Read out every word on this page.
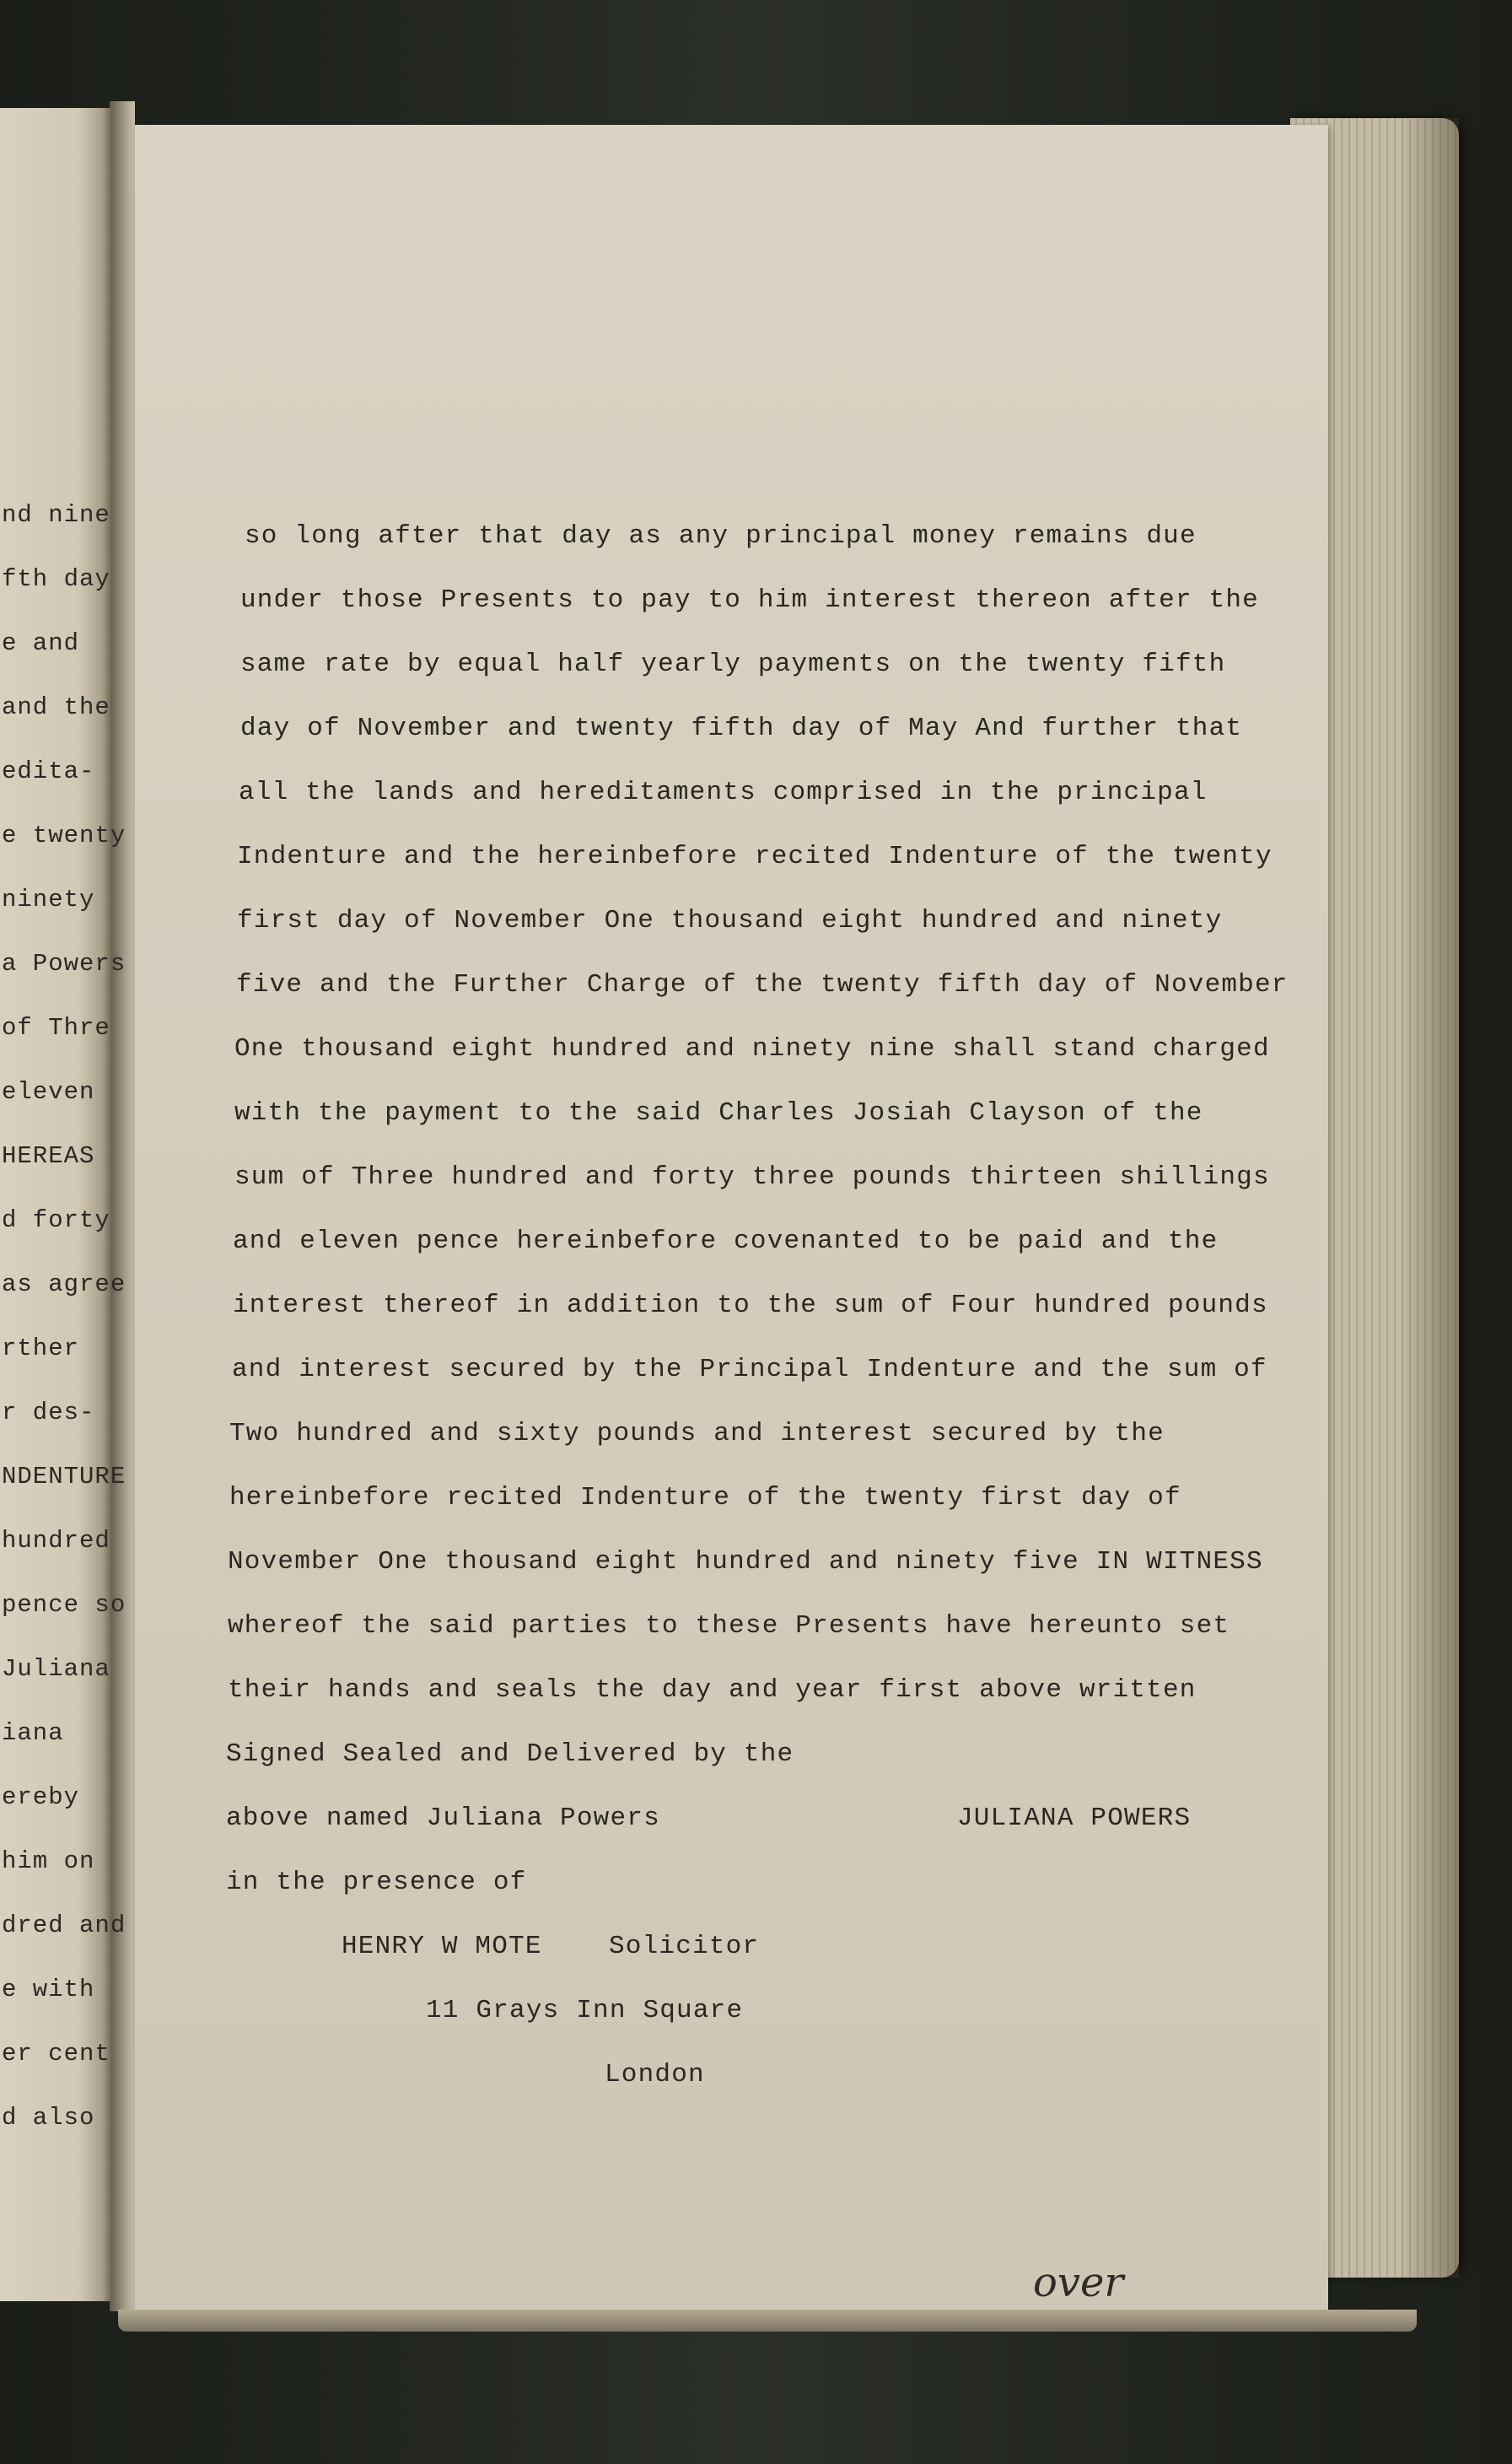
nd nine
fth day
e and
and the
edita-
e twenty
ninety
a Powers
of Thre
eleven
HEREAS
d forty
as agree
rther
r des-
NDENTURE
hundred
pence so
Juliana
iana
ereby
him on
dred and
e with
er cent
d also
so long after that day as any principal money remains due
under those Presents to pay to him interest thereon after the
same rate by equal half yearly payments on the twenty fifth
day of November and twenty fifth day of May And further that
all the lands and hereditaments comprised in the principal
Indenture and the hereinbefore recited Indenture of the twenty
first day of November One thousand eight hundred and ninety
five and the Further Charge of the twenty fifth day of November
One thousand eight hundred and ninety nine shall stand charged
with the payment to the said Charles Josiah Clayson of the
sum of Three hundred and forty three pounds thirteen shillings
and eleven pence hereinbefore covenanted to be paid and the
interest thereof in addition to the sum of Four hundred pounds
and interest secured by the Principal Indenture and the sum of
Two hundred and sixty pounds and interest secured by the
hereinbefore recited Indenture of the twenty first day of
November One thousand eight hundred and ninety five IN WITNESS
whereof the said parties to these Presents have hereunto set
their hands and seals the day and year first above written
Signed Sealed and Delivered by the
above named Juliana Powers	JULIANA POWERS
in the presence of
HENRY W MOTE	Solicitor
11 Grays Inn Square
London
over
